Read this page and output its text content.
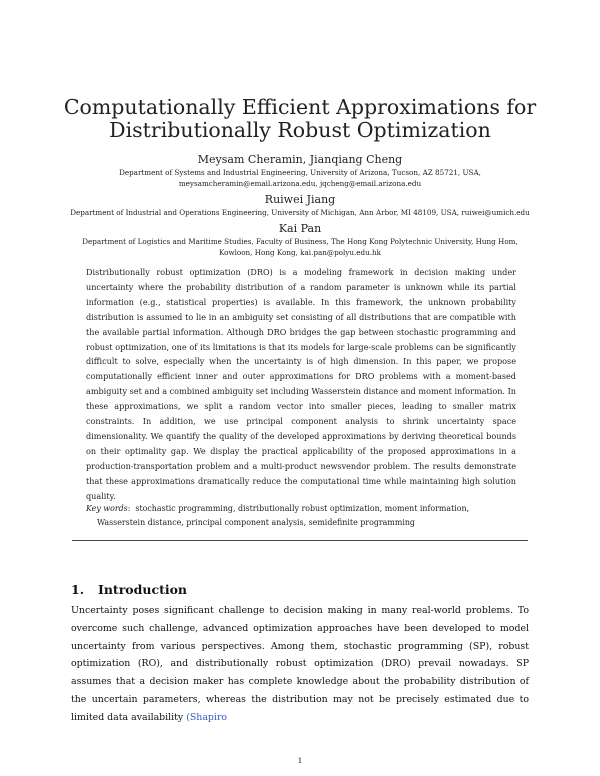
Computationally Efficient Approximations for
Distributionally Robust Optimization
Meysam Cheramin, Jianqiang Cheng
Department of Systems and Industrial Engineering, University of Arizona, Tucson, AZ 85721, USA,
meysamcheramin@email.arizona.edu, jqcheng@email.arizona.edu
Ruiwei Jiang
Department of Industrial and Operations Engineering, University of Michigan, Ann Arbor, MI 48109, USA, ruiwei@umich.edu
Kai Pan
Department of Logistics and Maritime Studies, Faculty of Business, The Hong Kong Polytechnic University, Hung Hom,
Kowloon, Hong Kong, kai.pan@polyu.edu.hk

Distributionally robust optimization (DRO) is a modeling framework in decision making under uncertainty where the probability distribution of a random parameter is unknown while its partial information (e.g., statistical properties) is available. In this framework, the unknown probability distribution is assumed to lie in an ambiguity set consisting of all distributions that are compatible with the available partial information. Although DRO bridges the gap between stochastic programming and robust optimization, one of its limitations is that its models for large-scale problems can be significantly difficult to solve, especially when the uncertainty is of high dimension. In this paper, we propose computationally efficient inner and outer approximations for DRO problems with a moment-based ambiguity set and a combined ambiguity set including Wasserstein distance and moment information. In these approximations, we split a random vector into smaller pieces, leading to smaller matrix constraints. In addition, we use principal component analysis to shrink uncertainty space dimensionality. We quantify the quality of the developed approximations by deriving theoretical bounds on their optimality gap. We display the practical applicability of the proposed approximations in a production-transportation problem and a multi-product newsvendor problem. The results demonstrate that these approximations dramatically reduce the computational time while maintaining high solution quality.

Key words:  stochastic programming, distributionally robust optimization, moment information,
Wasserstein distance, principal component analysis, semidefinite programming
1. Introduction

Uncertainty poses significant challenge to decision making in many real-world problems. To overcome such challenge, advanced optimization approaches have been developed to model uncertainty from various perspectives. Among them, stochastic programming (SP), robust optimization (RO), and distributionally robust optimization (DRO) prevail nowadays. SP assumes that a decision maker has complete knowledge about the probability distribution of the uncertain parameters, whereas the distribution may not be precisely estimated due to limited data availability (Shapiro

1
